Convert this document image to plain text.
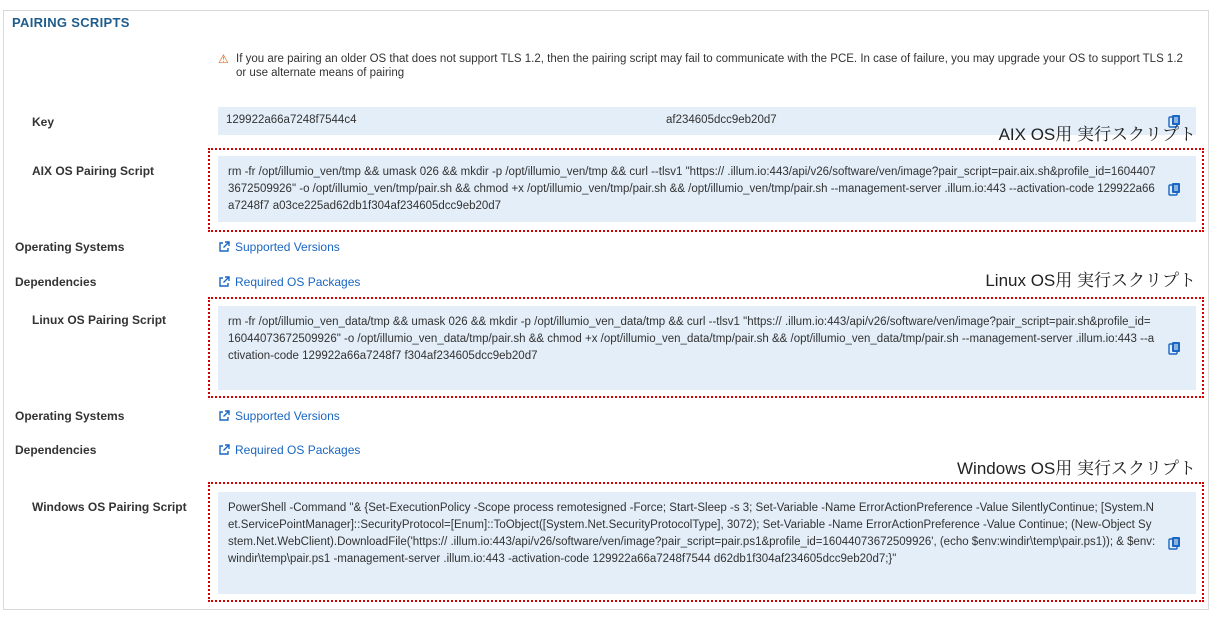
PAIRING SCRIPTS
⚠ If you are pairing an older OS that does not support TLS 1.2, then the pairing script may fail to communicate with the PCE. In case of failure, you may upgrade your OS to support TLS 1.2 or use alternate means of pairing
Key	129922a66a7248f7544c4	af234605dcc9eb20d7
AIX OS用 実行スクリプト
AIX OS Pairing Script	rm -fr /opt/illumio_ven/tmp && umask 026 && mkdir -p /opt/illumio_ven/tmp && curl --tlsv1 "https:// .illum.io:443/api/v26/software/ven/image?pair_script=pair.aix.sh&profile_id=16044073672509926" -o /opt/illumio_ven/tmp/pair.sh && chmod +x /opt/illumio_ven/tmp/pair.sh && /opt/illumio_ven/tmp/pair.sh --management-server .illum.io:443 --activation-code 129922a66a7248f7 a03ce225ad62db1f304af234605dcc9eb20d7
Operating Systems	Supported Versions
Dependencies	Required OS Packages	Linux OS用 実行スクリプト
Linux OS Pairing Script	rm -fr /opt/illumio_ven_data/tmp && umask 026 && mkdir -p /opt/illumio_ven_data/tmp && curl --tlsv1 "https:// .illum.io:443/api/v26/software/ven/image?pair_script=pair.sh&profile_id=16044073672509926" -o /opt/illumio_ven_data/tmp/pair.sh && chmod +x /opt/illumio_ven_data/tmp/pair.sh && /opt/illumio_ven_data/tmp/pair.sh --management-server .illum.io:443 --activation-code 129922a66a7248f7 f304af234605dcc9eb20d7
Operating Systems	Supported Versions
Dependencies	Required OS Packages
Windows OS用 実行スクリプト
Windows OS Pairing Script	PowerShell -Command "& {Set-ExecutionPolicy -Scope process remotesigned -Force; Start-Sleep -s 3; Set-Variable -Name ErrorActionPreference -Value SilentlyContinue; [System.Net.ServicePointManager]::SecurityProtocol=[Enum]::ToObject([System.Net.SecurityProtocolType], 3072); Set-Variable -Name ErrorActionPreference -Value Continue; (New-Object System.Net.WebClient).DownloadFile('https:// .illum.io:443/api/v26/software/ven/image?pair_script=pair.ps1&profile_id=16044073672509926', (echo $env:windir\temp\pair.ps1)); & $env:windir\temp\pair.ps1 -management-server .illum.io:443 -activation-code 129922a66a7248f7544 d62db1f304af234605dcc9eb20d7;}"
